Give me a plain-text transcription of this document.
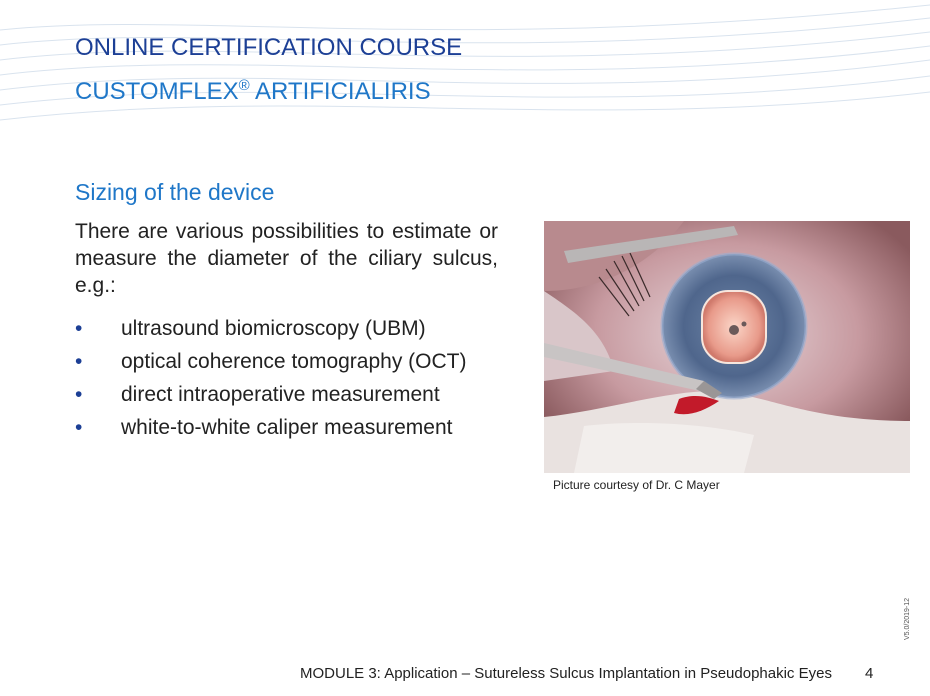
ONLINE CERTIFICATION COURSE
CUSTOMFLEX® ARTIFICIALIRIS
Sizing of the device
There are various possibilities to estimate or measure the diameter of the ciliary sulcus, e.g.:
• ultrasound biomicroscopy (UBM)
• optical coherence tomography (OCT)
• direct intraoperative measurement
• white-to-white caliper measurement
Picture courtesy of Dr. C Mayer
MODULE 3: Application – Sutureless Sulcus Implantation in Pseudophakic Eyes 4
V5.0/2019-12
